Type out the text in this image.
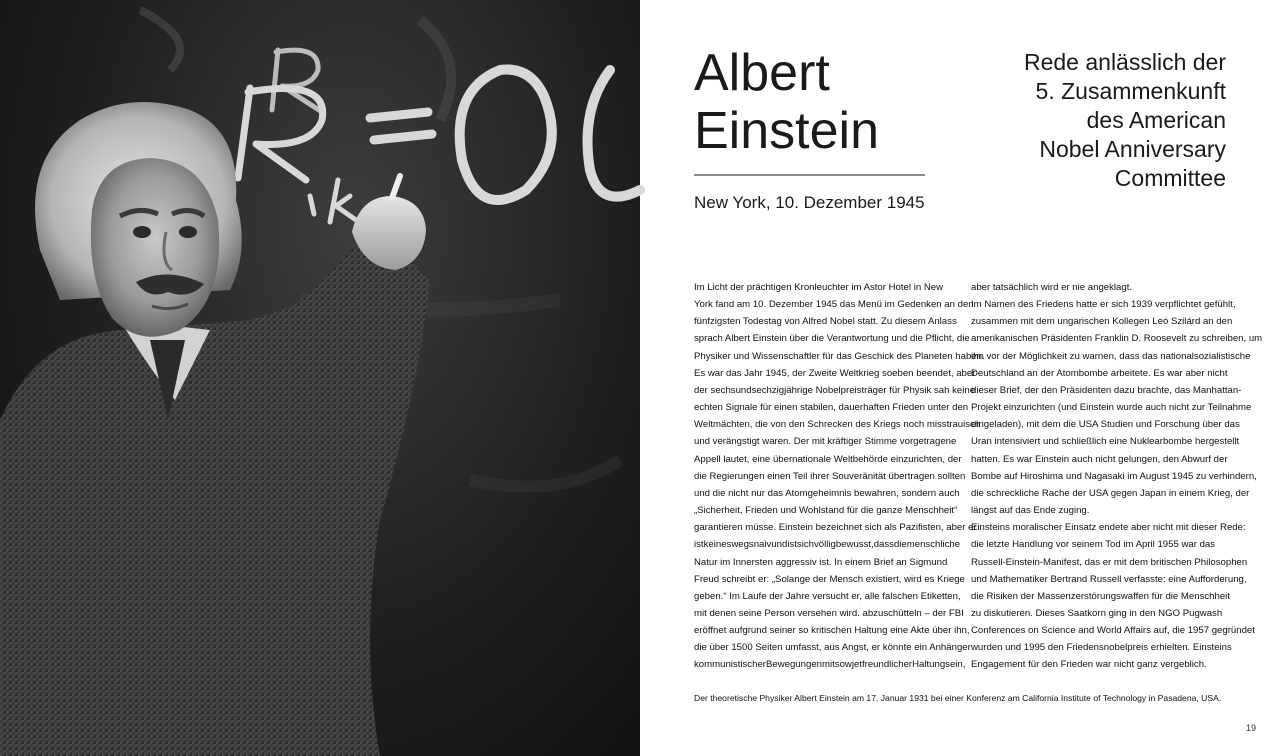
R = 0
Albert
Einstein
New York, 10. Dezember 1945
Rede anlässlich der
5. Zusammenkunft
des American
Nobel Anniversary
Committee
Im Licht der prächtigen Kronleuchter im Astor Hotel in New
York fand am 10. Dezember 1945 das Menü im Gedenken an den
fünfzigsten Todestag von Alfred Nobel statt. Zu diesem Anlass
sprach Albert Einstein über die Verantwortung und die Pflicht, die
Physiker und Wissenschaftler für das Geschick des Planeten haben.
Es war das Jahr 1945, der Zweite Weltkrieg soeben beendet, aber
der sechsundsechzigjährige Nobelpreisträger für Physik sah keine
echten Signale für einen stabilen, dauerhaften Frieden unter den
Weltmächten, die von den Schrecken des Kriegs noch misstrauisch
und verängstigt waren. Der mit kräftiger Stimme vorgetragene
Appell lautet, eine übernationale Weltbehörde einzurichten, der
die Regierungen einen Teil ihrer Souveränität übertragen sollten
und die nicht nur das Atomgeheimnis bewahren, sondern auch
„Sicherheit, Frieden und Wohlstand für die ganze Menschheit“
garantieren müsse. Einstein bezeichnet sich als Pazifisten, aber er
istkeineswegsnaivundistsichvölligbewusst,dassdiemenschliche
Natur im Innersten aggressiv ist. In einem Brief an Sigmund
Freud schreibt er: „Solange der Mensch existiert, wird es Kriege
geben.“ Im Laufe der Jahre versucht er, alle falschen Etiketten,
mit denen seine Person versehen wird. abzuschütteln – der FBI
eröffnet aufgrund seiner so kritischen Haltung eine Akte über ihn,
die über 1500 Seiten umfasst, aus Angst, er könnte ein Anhänger
kommunistischerBewegungenmitsowjetfreundlicherHaltungsein,
aber tatsächlich wird er nie angeklagt.
Im Namen des Friedens hatte er sich 1939 verpflichtet gefühlt,
zusammen mit dem ungarischen Kollegen Leó Szilárd an den
amerikanischen Präsidenten Franklin D. Roosevelt zu schreiben, um
ihn vor der Möglichkeit zu warnen, dass das nationalsozialistische
Deutschland an der Atombombe arbeitete. Es war aber nicht
dieser Brief, der den Präsidenten dazu brachte, das Manhattan-
Projekt einzurichten (und Einstein wurde auch nicht zur Teilnahme
eingeladen), mit dem die USA Studien und Forschung über das
Uran intensiviert und schließlich eine Nuklearbombe hergestellt
hatten. Es war Einstein auch nicht gelungen, den Abwurf der
Bombe auf Hiroshima und Nagasaki im August 1945 zu verhindern,
die schreckliche Rache der USA gegen Japan in einem Krieg, der
längst auf das Ende zuging.
Einsteins moralischer Einsatz endete aber nicht mit dieser Rede:
die letzte Handlung vor seinem Tod im April 1955 war das
Russell-Einstein-Manifest, das er mit dem britischen Philosophen
und Mathematiker Bertrand Russell verfasste: eine Aufforderung,
die Risiken der Massenzerstörungswaffen für die Menschheit
zu diskutieren. Dieses Saatkorn ging in den NGO Pugwash
Conferences on Science and World Affairs auf, die 1957 gegründet
wurden und 1995 den Friedensnobelpreis erhielten. Einsteins
Engagement für den Frieden war nicht ganz vergeblich.
Der theoretische Physiker Albert Einstein am 17. Januar 1931 bei einer Konferenz am California Institute of Technology in Pasadena, USA.
19
